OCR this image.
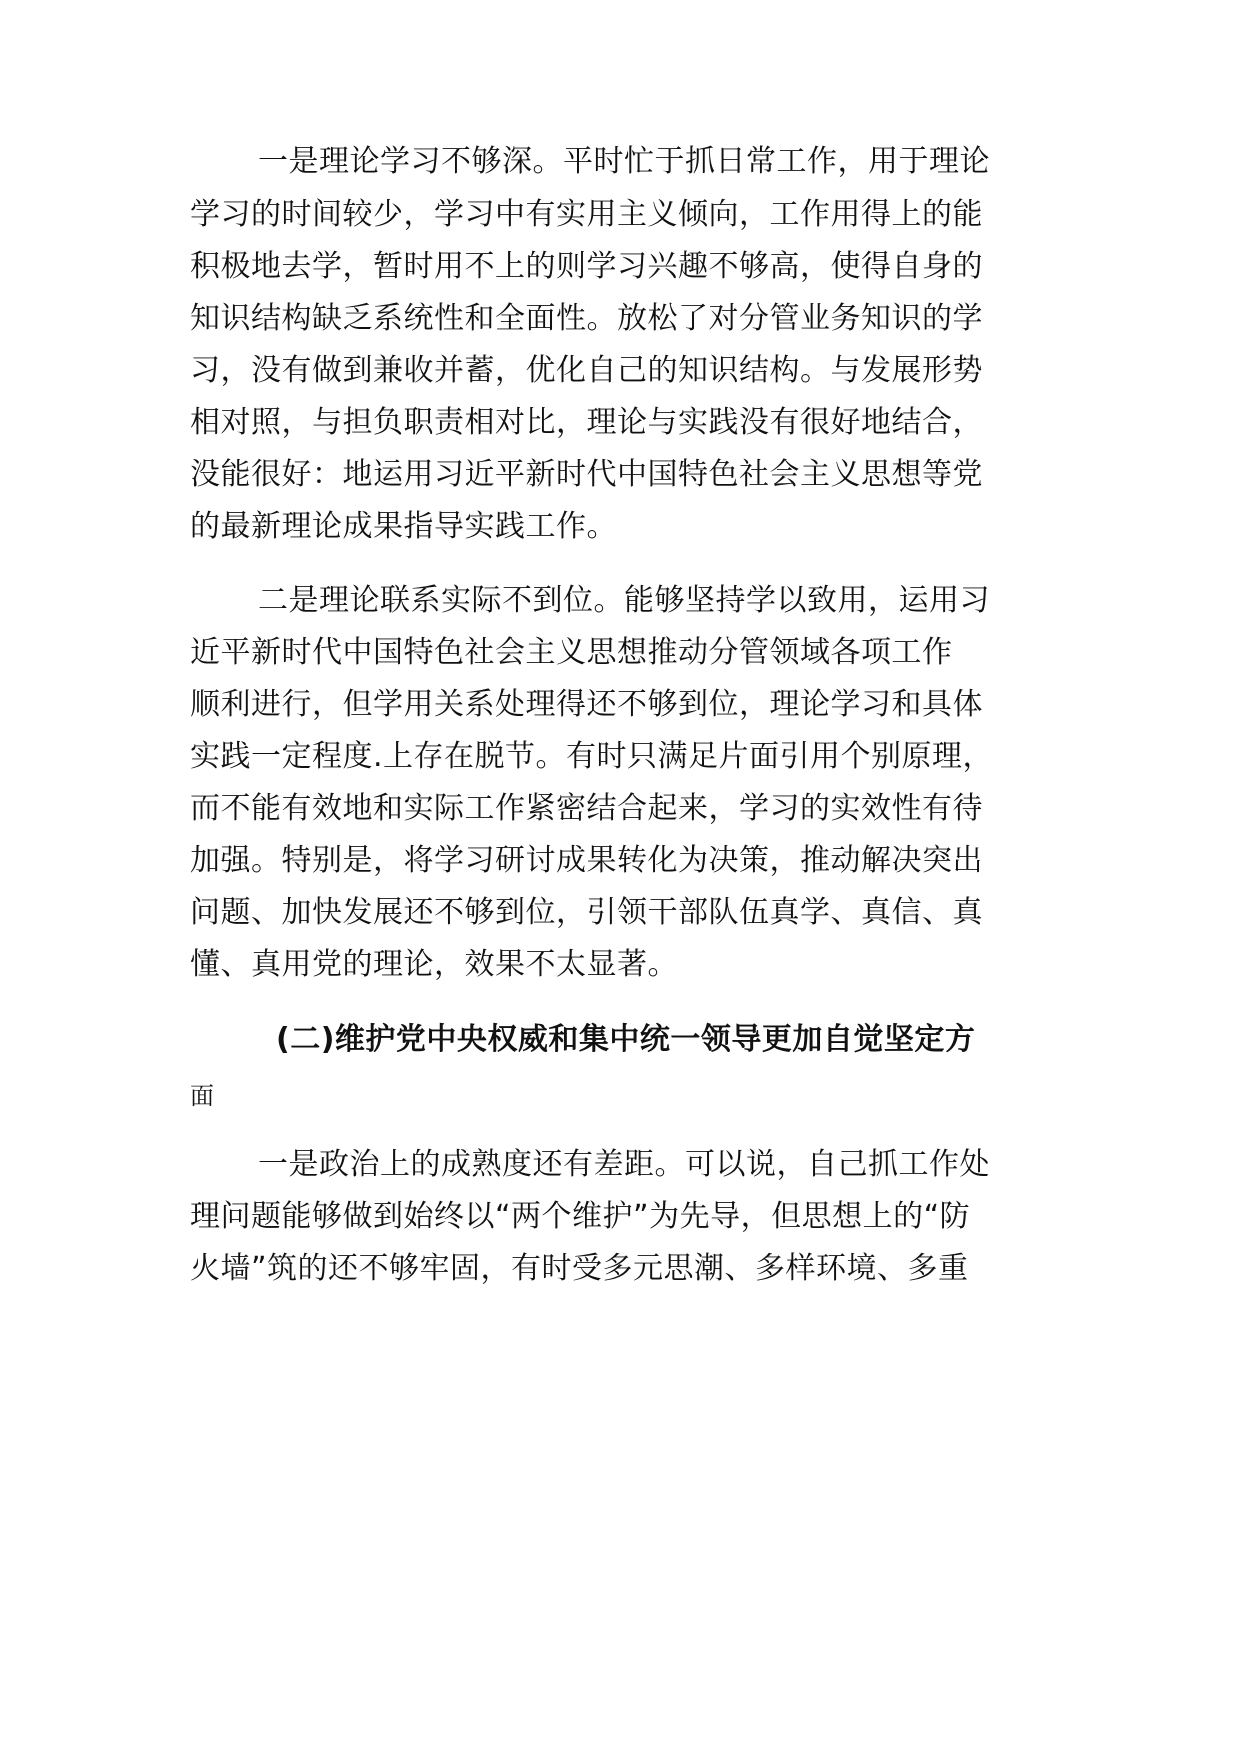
一是理论学习不够深。平时忙于抓日常工作，用于理论
学习的时间较少，学习中有实用主义倾向，工作用得上的能
积极地去学，暂时用不上的则学习兴趣不够高，使得自身的
知识结构缺乏系统性和全面性。放松了对分管业务知识的学
习，没有做到兼收并蓄，优化自己的知识结构。与发展形势
相对照，与担负职责相对比，理论与实践没有很好地结合，
没能很好：地运用习近平新时代中国特色社会主义思想等党
的最新理论成果指导实践工作。
二是理论联系实际不到位。能够坚持学以致用，运用习
近平新时代中国特色社会主义思想推动分管领域各项工作
顺利进行，但学用关系处理得还不够到位，理论学习和具体
实践一定程度.上存在脱节。有时只满足片面引用个别原理，
而不能有效地和实际工作紧密结合起来，学习的实效性有待
加强。特别是，将学习研讨成果转化为决策，推动解决突出
问题、加快发展还不够到位，引领干部队伍真学、真信、真
懂、真用党的理论，效果不太显著。
(二)维护党中央权威和集中统一领导更加自觉坚定方
面
一是政治上的成熟度还有差距。可以说，自己抓工作处
理问题能够做到始终以“两个维护”为先导，但思想上的“防
火墙”筑的还不够牢固，有时受多元思潮、多样环境、多重
